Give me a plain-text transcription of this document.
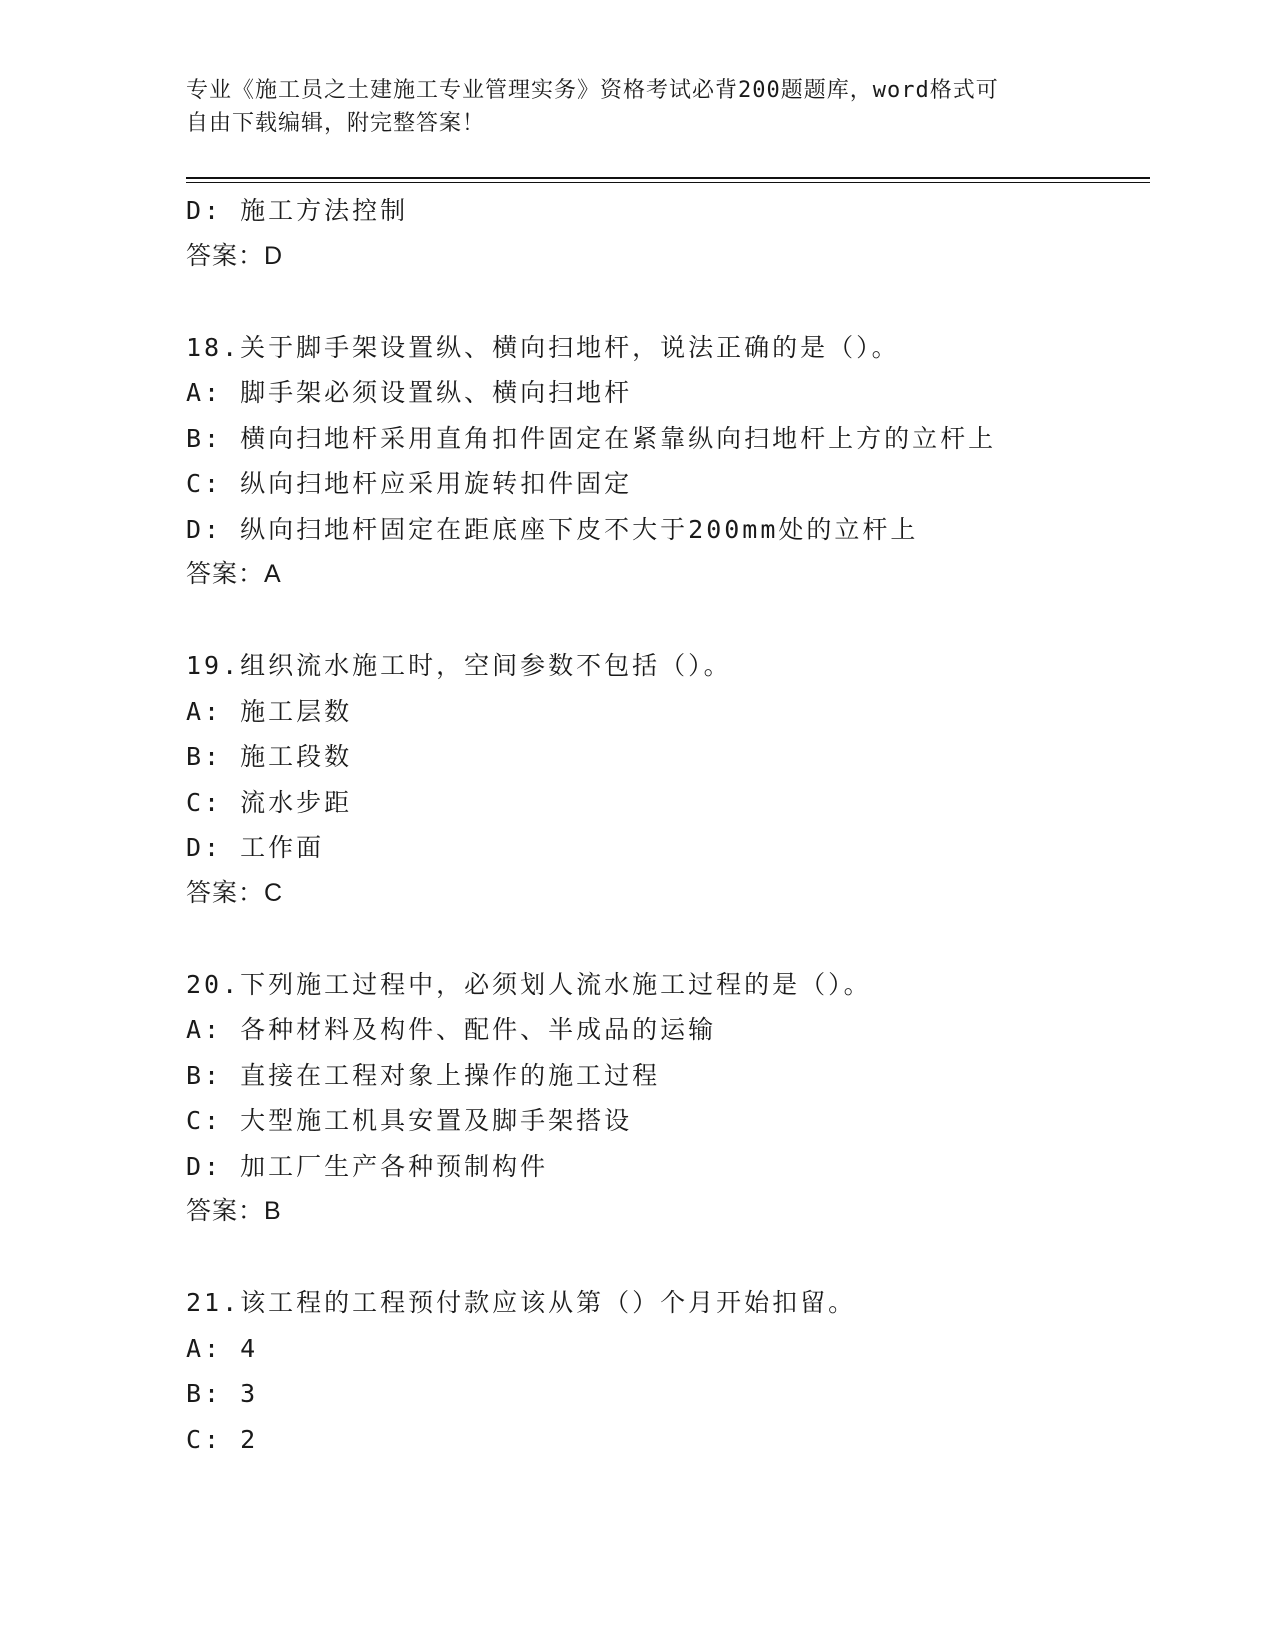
专业《施工员之土建施工专业管理实务》资格考试必背200题题库，word格式可
自由下载编辑，附完整答案！
D: 施工方法控制
答案：D
18.关于脚手架设置纵、横向扫地杆，说法正确的是（）。
A: 脚手架必须设置纵、横向扫地杆
B: 横向扫地杆采用直角扣件固定在紧靠纵向扫地杆上方的立杆上
C: 纵向扫地杆应采用旋转扣件固定
D: 纵向扫地杆固定在距底座下皮不大于200mm处的立杆上
答案：A
19.组织流水施工时，空间参数不包括（）。
A: 施工层数
B: 施工段数
C: 流水步距
D: 工作面
答案：C
20.下列施工过程中，必须划人流水施工过程的是（）。
A: 各种材料及构件、配件、半成品的运输
B: 直接在工程对象上操作的施工过程
C: 大型施工机具安置及脚手架搭设
D: 加工厂生产各种预制构件
答案：B
21.该工程的工程预付款应该从第（）个月开始扣留。
A: 4
B: 3
C: 2
